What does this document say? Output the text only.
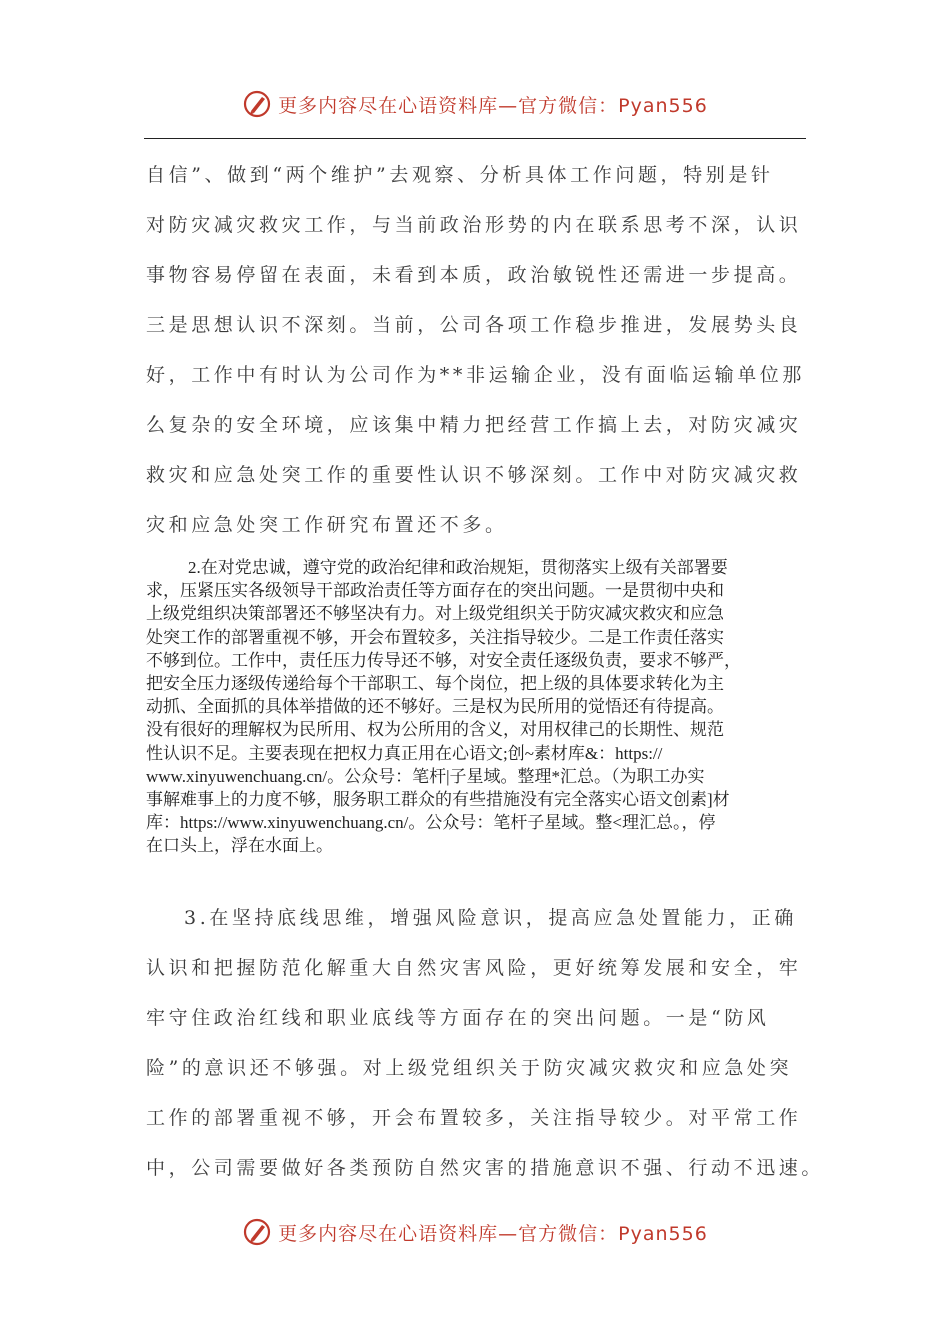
更多内容尽在心语资料库—官方微信：Pyan556
自信”、做到“两个维护”去观察、分析具体工作问题，特别是针
对防灾减灾救灾工作，与当前政治形势的内在联系思考不深，认识
事物容易停留在表面，未看到本质，政治敏锐性还需进一步提高。
三是思想认识不深刻。当前，公司各项工作稳步推进，发展势头良
好，工作中有时认为公司作为**非运输企业，没有面临运输单位那
么复杂的安全环境，应该集中精力把经营工作搞上去，对防灾减灾
救灾和应急处突工作的重要性认识不够深刻。工作中对防灾减灾救
灾和应急处突工作研究布置还不多。
2.在对党忠诚，遵守党的政治纪律和政治规矩，贯彻落实上级有关部署要
求，压紧压实各级领导干部政治责任等方面存在的突出问题。一是贯彻中央和
上级党组织决策部署还不够坚决有力。对上级党组织关于防灾减灾救灾和应急
处突工作的部署重视不够，开会布置较多，关注指导较少。二是工作责任落实
不够到位。工作中，责任压力传导还不够，对安全责任逐级负责，要求不够严，
把安全压力逐级传递给每个干部职工、每个岗位，把上级的具体要求转化为主
动抓、全面抓的具体举措做的还不够好。三是权为民所用的觉悟还有待提高。
没有很好的理解权为民所用、权为公所用的含义，对用权律己的长期性、规范
性认识不足。主要表现在把权力真正用在心语文;创~素材库&：https://
www.xinyuwenchuang.cn/。公众号：笔杆|子星域。整理*汇总。（为职工办实
事解难事上的力度不够，服务职工群众的有些措施没有完全落实心语文创素]材
库：https://www.xinyuwenchuang.cn/。公众号：笔杆子星域。整<理汇总。，停
在口头上，浮在水面上。
3.在坚持底线思维，增强风险意识，提高应急处置能力，正确
认识和把握防范化解重大自然灾害风险，更好统筹发展和安全，牢
牢守住政治红线和职业底线等方面存在的突出问题。一是“防风
险”的意识还不够强。对上级党组织关于防灾减灾救灾和应急处突
工作的部署重视不够，开会布置较多，关注指导较少。对平常工作
中，公司需要做好各类预防自然灾害的措施意识不强、行动不迅速。
更多内容尽在心语资料库—官方微信：Pyan556
